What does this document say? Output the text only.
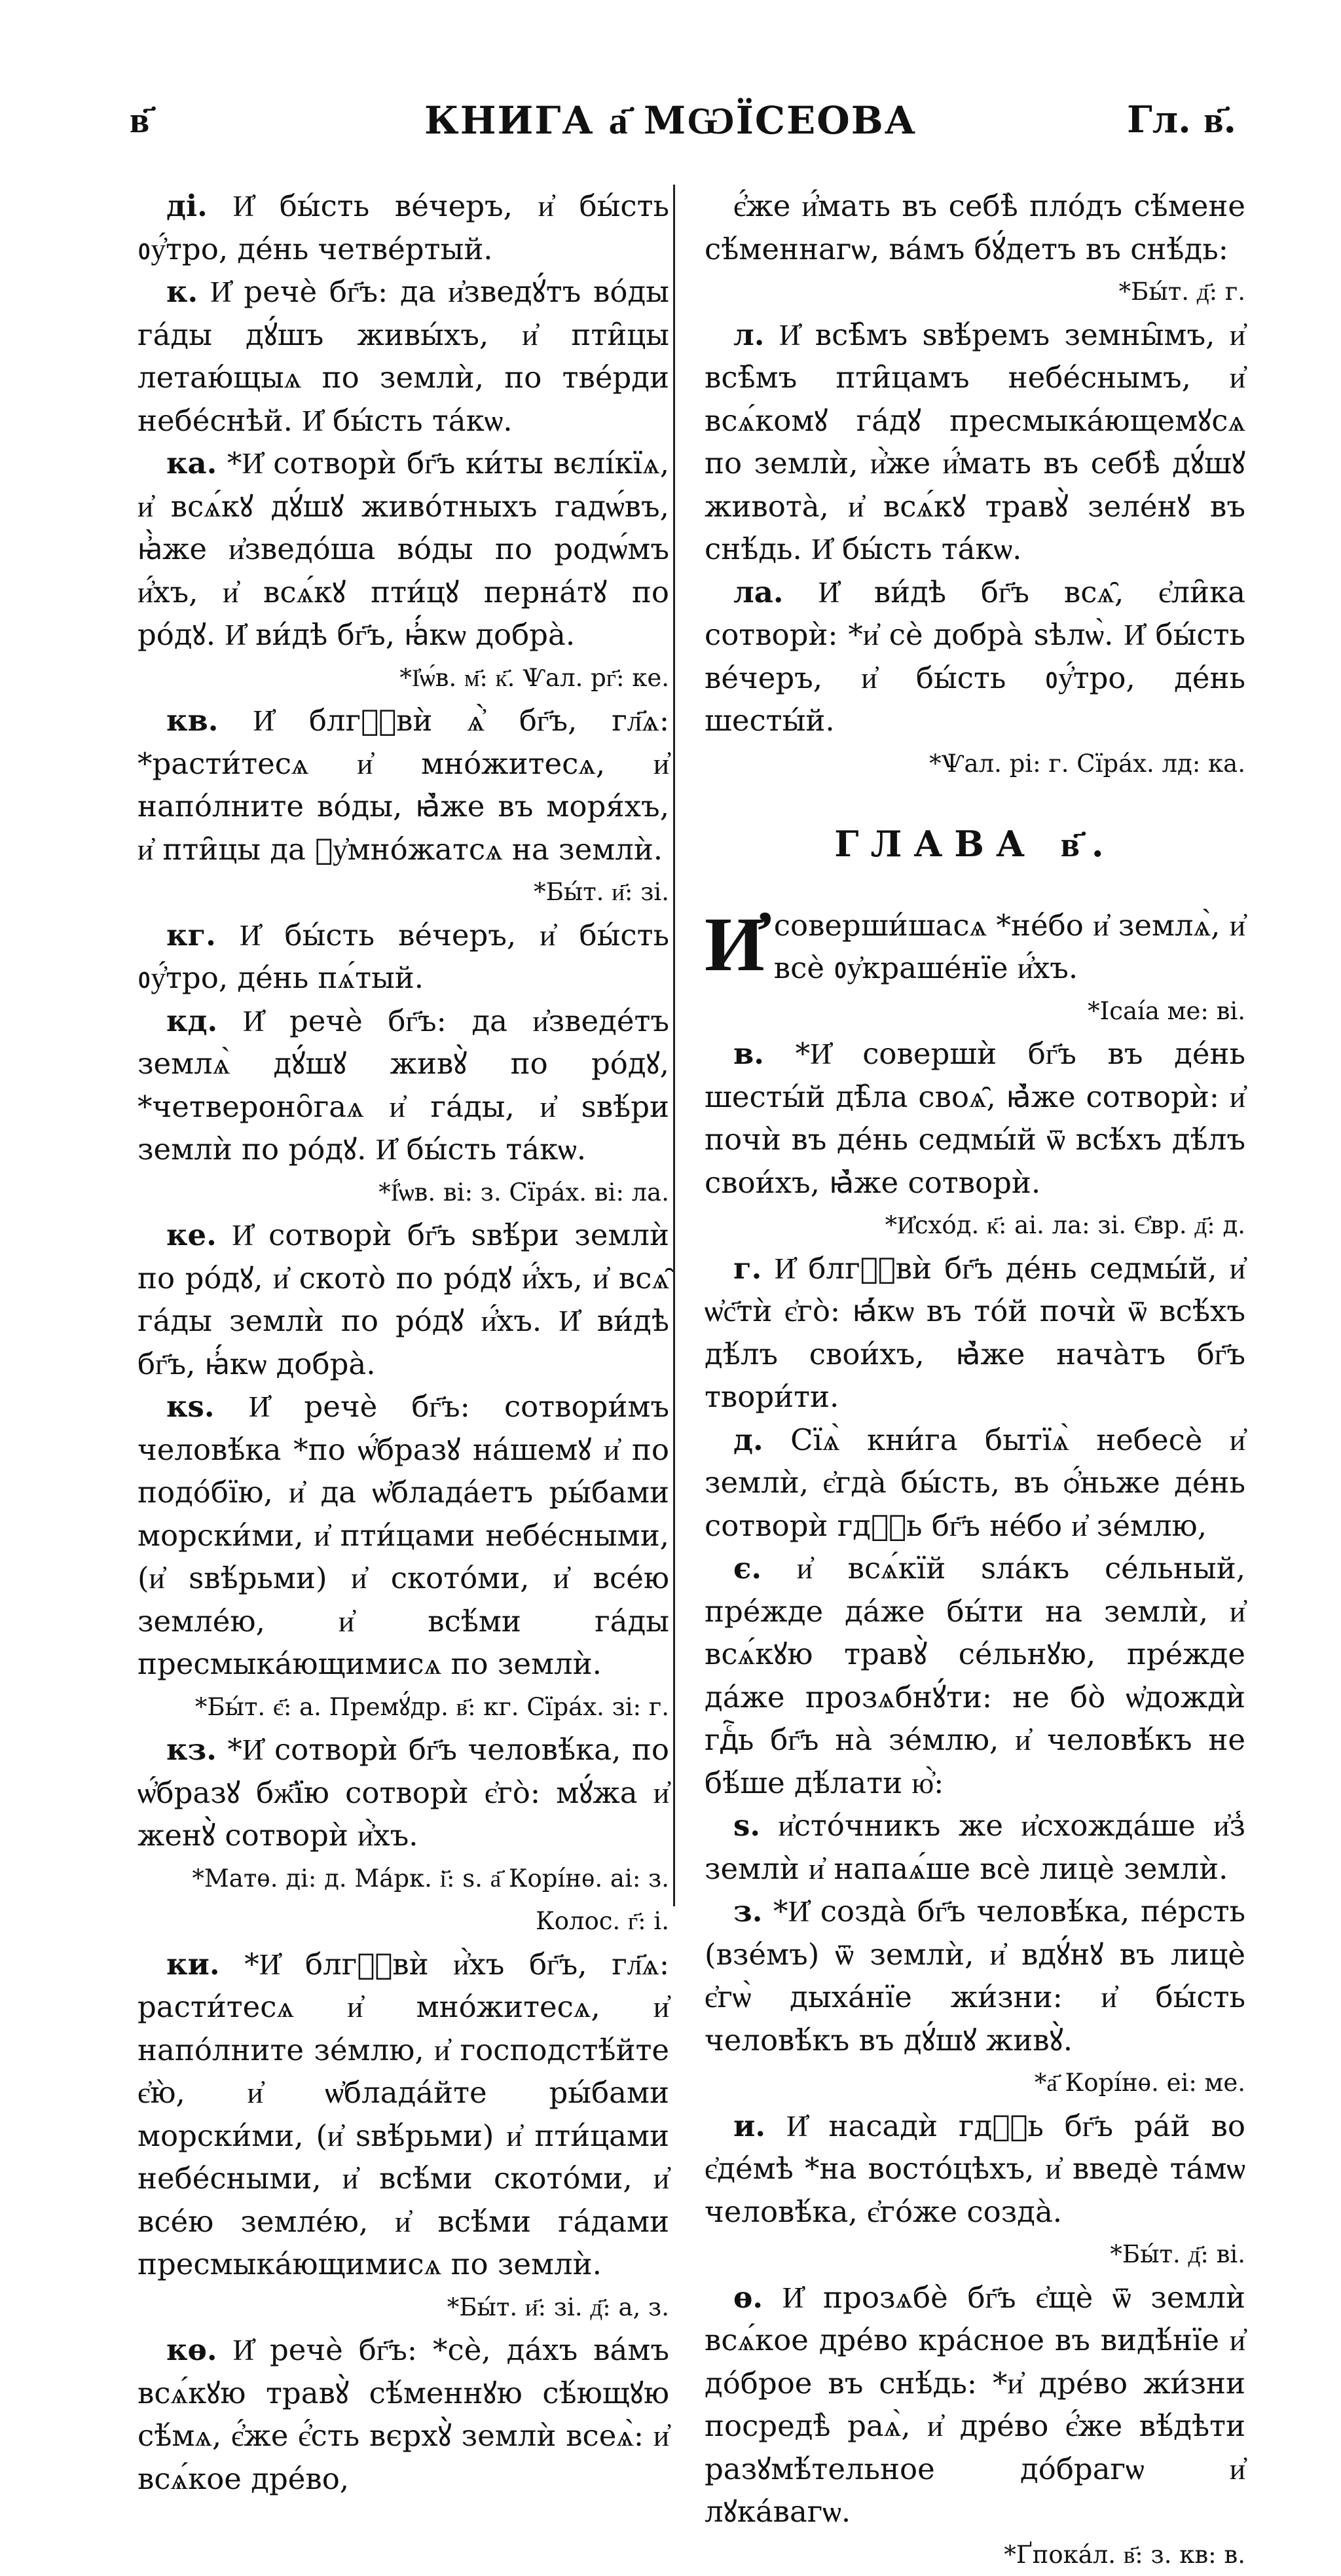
в҃	КНИГА а҃ МѠЇСЕОВА	Гл. в҃.

ді. И҆ бы́сть ве́черъ, и҆ бы́сть ᲂу҆́тро, де́нь четве́ртый.

к. И҆ речѐ бг҃ъ: да и҆зведꙋ́тъ во́ды га́ды дꙋ́шъ живы́хъ, и҆ пти̑цы летаю́щыѧ по землѝ, по тве́рди небе́снѣй. И҆ бы́сть та́кѡ.

ка. *И҆ сотворѝ бг҃ъ ки́ты вєлі́кїѧ, и҆ всѧ́кꙋ дꙋ́шꙋ живо́тныхъ гадѡ́въ, ꙗ҆̀же и҆зведо́ша во́ды по родѡ́мъ и҆́хъ, и҆ всѧ́кꙋ пти́цꙋ перна́тꙋ по ро́дꙋ. И҆ ви́дѣ бг҃ъ, ꙗ҆́кѡ добра̀.

*І҆ѡ́в. м҃: к҃. Ѱал. рг҃: ке.

кв. И҆ блгⷭ҇вѝ ѧ҆̀ бг҃ъ, гл҃ѧ: *расти́тесѧ и҆ мно́житесѧ, и҆ напо́лните во́ды, ꙗ҆̀же въ моря́хъ, и҆ пти̑цы да ᲂу҆мно́жатсѧ на землѝ.

*Бы́т. и҃: зі.

кг. И҆ бы́сть ве́черъ, и҆ бы́сть ᲂу҆́тро, де́нь пѧ́тый.

кд. И҆ речѐ бг҃ъ: да и҆зведе́тъ землѧ̀ дꙋ́шꙋ живꙋ̀ по ро́дꙋ, *четвероно̑гаѧ и҆ га́ды, и҆ ѕвѣ́ри землѝ по ро́дꙋ. И҆ бы́сть та́кѡ.

*І҆́ѡв. ві: з. Сїра́х. ві: ла.

ке. И҆ сотворѝ бг҃ъ ѕвѣ́ри землѝ по ро́дꙋ, и҆ ското̀ по ро́дꙋ и҆́хъ, и҆ всѧ̑ га́ды землѝ по ро́дꙋ и҆́хъ. И҆ ви́дѣ бг҃ъ, ꙗ҆́кѡ добра̀.

кѕ. И҆ речѐ бг҃ъ: сотвори́мъ человѣ́ка *по ѡ҆́бразꙋ на́шемꙋ и҆ по подо́бїю, и҆ да ѡ҆блада́етъ ры́бами морски́ми, и҆ пти́цами небе́сными, (и҆ ѕвѣ́рьми) и҆ ското́ми, и҆ все́ю земле́ю, и҆ всѣ́ми га́ды пресмыка́ющимисѧ по землѝ.

*Бы́т. є҃: а. Премꙋ́др. в҃: кг. Сїра́х. зі: г.

кз. *И҆ сотворѝ бг҃ъ человѣ́ка, по ѡ҆́бразꙋ бж҃їю сотворѝ є҆го̀: мꙋ́жа и҆ женꙋ̀ сотворѝ и҆̀хъ.

*Матѳ. ді: д. Ма́рк. і҃: ѕ. а҃ Корі́нѳ. аі: з. Колос. г҃: і.

ки. *И҆ блгⷭ҇вѝ и҆̀хъ бг҃ъ, гл҃ѧ: расти́тесѧ и҆ мно́житесѧ, и҆ напо́лните зе́млю, и҆ господстѣ́йте є҆ю̀, и҆ ѡ҆блада́йте ры́бами морски́ми, (и҆ ѕвѣ́рьми) и҆ пти́цами небе́сными, и҆ всѣ́ми ското́ми, и҆ все́ю земле́ю, и҆ всѣ́ми га́дами пресмыка́ющимисѧ по землѝ.

*Бы́т. и҃: зі. д҃: а, з.

кѳ. И҆ речѐ бг҃ъ: *сѐ, да́хъ ва́мъ всѧ́кꙋю травꙋ̀ сѣ́меннꙋю сѣ́ющꙋю сѣ́мѧ, є҆́же є҆́сть вєрхꙋ̀ землѝ всеѧ̀: и҆ всѧ́кое дре́во,

є҆́же и҆́мать въ себѣ̀ пло́дъ сѣ́мене сѣ́меннагѡ, ва́мъ бꙋ́детъ въ снѣ́дь:

*Бы́т. д҃: г.

л. И҆ всѣ̑мъ ѕвѣ́ремъ земны̑мъ, и҆ всѣ̑мъ пти̑цамъ небе́снымъ, и҆ всѧ́комꙋ га́дꙋ пресмыка́ющемꙋсѧ по землѝ, и҆̀же и҆́мать въ себѣ̀ дꙋ́шꙋ живота̀, и҆ всѧ́кꙋ травꙋ̀ зеле́нꙋ въ снѣ́дь. И҆ бы́сть та́кѡ.

ла. И҆ ви́дѣ бг҃ъ всѧ̑, є҆ли̑ка сотворѝ: *и҆ сѐ добра̀ ѕѣлѡ̀. И҆ бы́сть ве́черъ, и҆ бы́сть ᲂу҆́тро, де́нь шесты́й.

*Ѱал. рі: г. Сїра́х. лд: ка.

ГЛАВА в҃.

И҆соверши́шасѧ *не́бо и҆ землѧ̀, и҆ всѐ ᲂу҆краше́нїе и҆́хъ.

*Ісаі́а ме: ві.

в. *И҆ совершѝ бг҃ъ въ де́нь шесты́й дѣ̑ла своѧ̑, ꙗ҆̀же сотворѝ: и҆ почѝ въ де́нь седмы́й ѿ всѣ́хъ дѣ́лъ свои́хъ, ꙗ҆̀же сотворѝ.

*И҆схо́д. к҃: аі. ла: зі. Є҆вр. д҃: д.

г. И҆ блгⷭ҇вѝ бг҃ъ де́нь седмы́й, и҆ ѡ҆с҃тѝ є҆го̀: ꙗ҆́кѡ въ то́й почѝ ѿ всѣ́хъ дѣ́лъ свои́хъ, ꙗ҆̀же нача̀тъ бг҃ъ твори́ти.

д. Сїѧ̀ кни́га бытїѧ̀ небесѐ и҆ землѝ, є҆гда̀ бы́сть, въ ѻ҆́ньже де́нь сотворѝ гдⷭ҇ь бг҃ъ не́бо и҆ зе́млю,

є. и҆ всѧ́кїй ѕла́къ се́льный, пре́жде да́же бы́ти на землѝ, и҆ всѧ́кꙋю травꙋ̀ се́льнꙋю, пре́жде да́же прозѧбнꙋ́ти: не бо̀ ѡ҆дождѝ гдⷭ҇ь бг҃ъ на̀ зе́млю, и҆ человѣ́къ не бѣ́ше дѣ́лати ю҆̀:

ѕ. и҆сто́чникъ же и҆схожда́ше и҆з̾ землѝ и҆ напаѧ́ше всѐ лицѐ землѝ.

з. *И҆ созда̀ бг҃ъ человѣ́ка, пе́рсть (взе́мъ) ѿ землѝ, и҆ вдꙋ́нꙋ въ лицѐ є҆гѡ̀ дыха́нїе жи́зни: и҆ бы́сть человѣ́къ въ дꙋ́шꙋ живꙋ̀.

*а҃ Корі́нѳ. еі: ме.

и. И҆ насадѝ гдⷭ҇ь бг҃ъ ра́й во є҆де́мѣ *на восто́цѣхъ, и҆ введѐ та́мѡ человѣ́ка, є҆го́же созда̀.

*Бы́т. д҃: ві.

ѳ. И҆ прозѧбѐ бг҃ъ є҆щѐ ѿ землѝ всѧ́кое дре́во кра́сное въ видѣ́нїе и҆ до́брое въ снѣ́дь: *и҆ дре́во жи́зни посредѣ̀ раѧ̀, и҆ дре́во є҆́же вѣ́дѣти разꙋмѣ́тельное до́брагѡ и҆ лꙋка́вагѡ.

*Ґпока́л. в҃: з. кв: в.
